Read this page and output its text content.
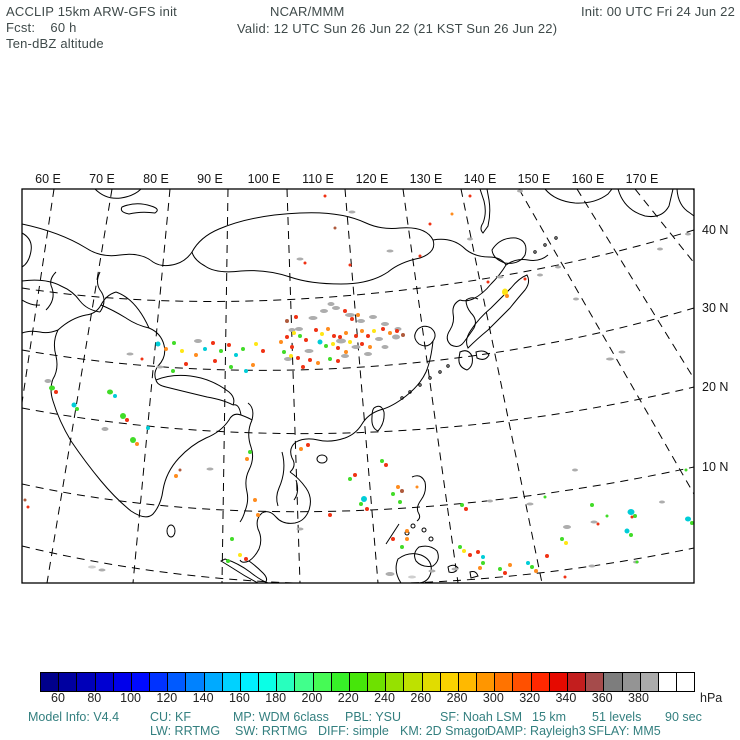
ACCLIP 15km ARW-GFS init
Fcst:    60 h
Ten-dBZ altitude
NCAR/MMM
Valid: 12 UTC Sun 26 Jun 22 (21 KST Sun 26 Jun 22)
Init: 00 UTC Fri 24 Jun 22
60 E 70 E 80 E 90 E 100 E 110 E 120 E 130 E 140 E 150 E 160 E 170 E
40 N
30 N
20 N
10 N
60 80 100 120 140 160 180 200 220 240 260 280 300 320 340 360 380	hPa
Model Info: V4.4 CU: KF	MP: WDM 6class PBL: YSU	SF: Noah LSM 15 km 51 levels 90 sec
LW: RRTMG SW: RRTMG DIFF: simple KM: 2D Smagor
DAMP: Rayleigh3 SFLAY: MM5
